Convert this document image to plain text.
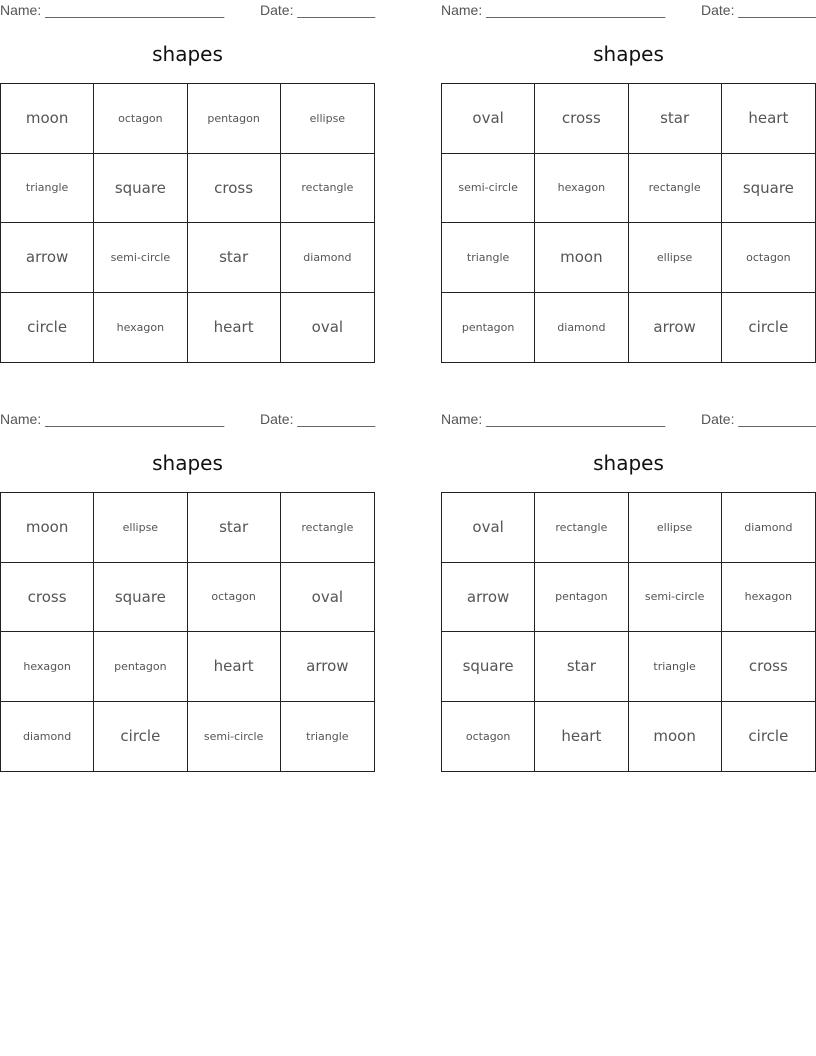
Name: _______________________	Date: __________
shapes
moon	octagon	pentagon	ellipse
triangle	square	cross	rectangle
arrow	semi-circle	star	diamond
circle	hexagon	heart	oval
Name: _______________________	Date: __________
shapes
oval	cross	star	heart
semi-circle	hexagon	rectangle	square
triangle	moon	ellipse	octagon
pentagon	diamond	arrow	circle
Name: _______________________	Date: __________
shapes
moon	ellipse	star	rectangle
cross	square	octagon	oval
hexagon	pentagon	heart	arrow
diamond	circle	semi-circle	triangle
Name: _______________________	Date: __________
shapes
oval	rectangle	ellipse	diamond
arrow	pentagon	semi-circle	hexagon
square	star	triangle	cross
octagon	heart	moon	circle
